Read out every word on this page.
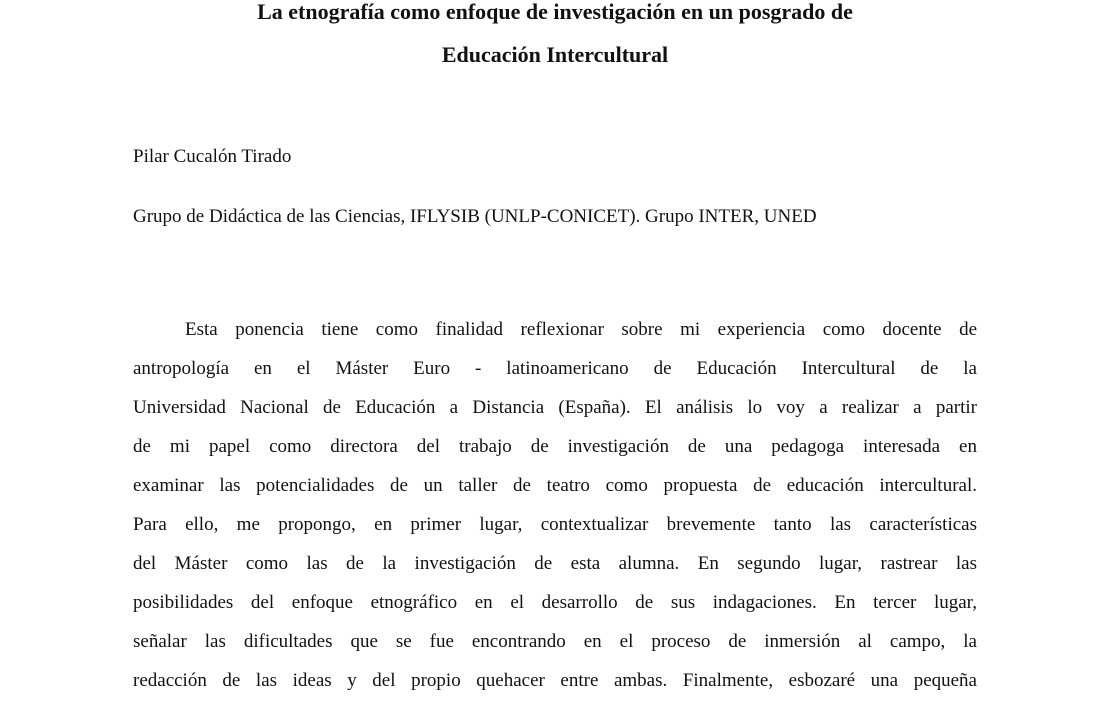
La etnografía como enfoque de investigación en un posgrado de
Educación Intercultural

Pilar Cucalón Tirado

Grupo de Didáctica de las Ciencias, IFLYSIB (UNLP-CONICET). Grupo INTER, UNED

Esta ponencia tiene como finalidad reflexionar sobre mi experiencia como docente de
antropología en el Máster Euro - latinoamericano de Educación Intercultural de la
Universidad Nacional de Educación a Distancia (España). El análisis lo voy a realizar a partir
de mi papel como directora del trabajo de investigación de una pedagoga interesada en
examinar las potencialidades de un taller de teatro como propuesta de educación intercultural.
Para ello, me propongo, en primer lugar, contextualizar brevemente tanto las características
del Máster como las de la investigación de esta alumna. En segundo lugar, rastrear las
posibilidades del enfoque etnográfico en el desarrollo de sus indagaciones. En tercer lugar,
señalar las dificultades que se fue encontrando en el proceso de inmersión al campo, la
redacción de las ideas y del propio quehacer entre ambas. Finalmente, esbozaré una pequeña
